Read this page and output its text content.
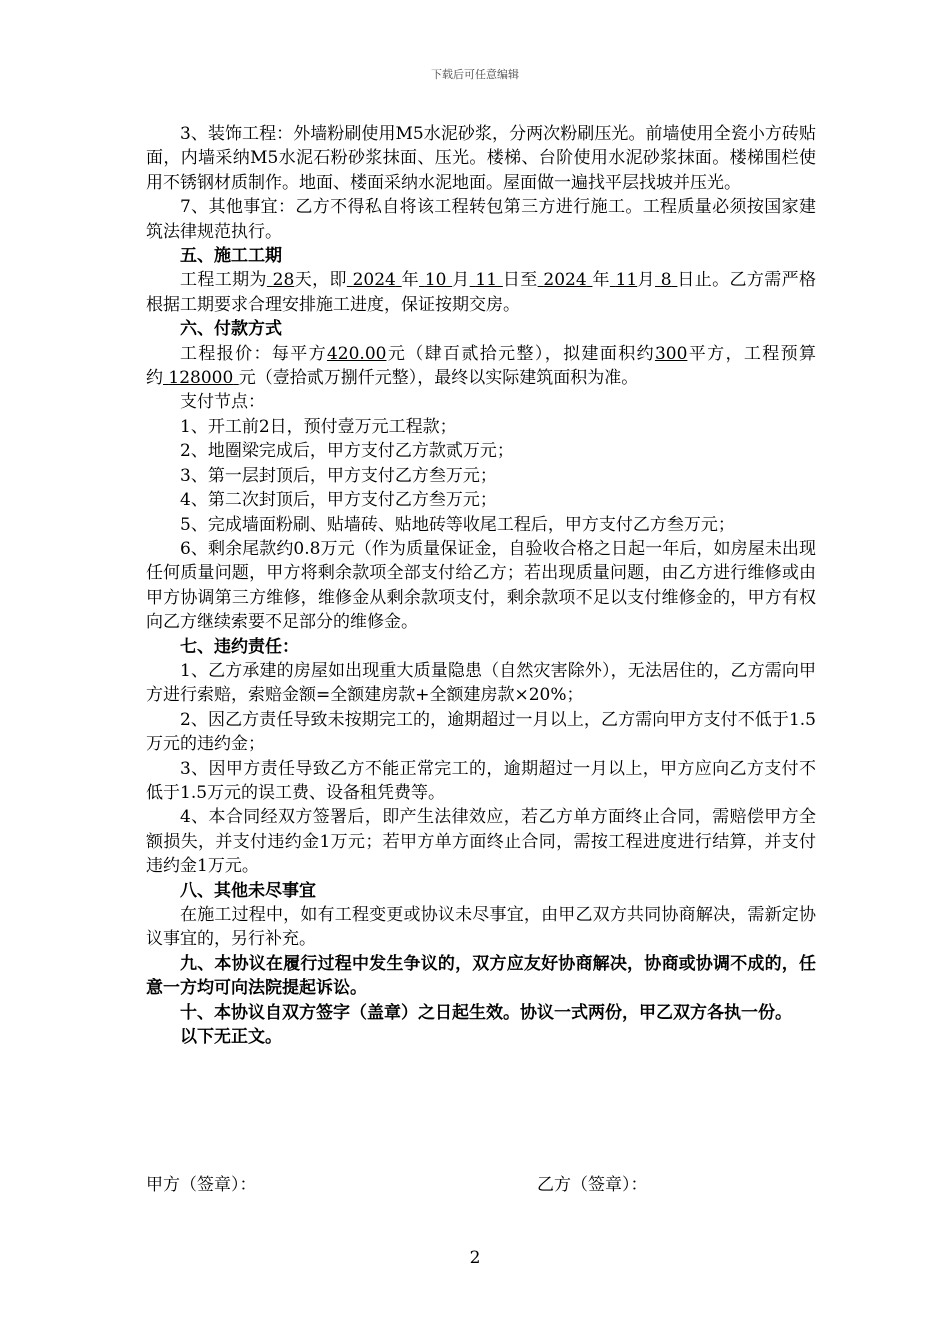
下载后可任意编辑

3、装饰工程：外墙粉刷使用M5水泥砂浆，分两次粉刷压光。前墙使用全瓷小方砖贴面，内墙采纳M5水泥石粉砂浆抹面、压光。楼梯、台阶使用水泥砂浆抹面。楼梯围栏使用不锈钢材质制作。地面、楼面采纳水泥地面。屋面做一遍找平层找坡并压光。

7、其他事宜：乙方不得私自将该工程转包第三方进行施工。工程质量必须按国家建筑法律规范执行。

五、施工工期

工程工期为 28天，即 2024 年 10 月 11 日至 2024 年 11月 8 日止。乙方需严格根据工期要求合理安排施工进度，保证按期交房。

六、付款方式

工程报价：每平方420.00元（肆百贰拾元整），拟建面积约300平方，工程预算约 128000 元（壹拾贰万捌仟元整），最终以实际建筑面积为准。

支付节点：

1、开工前2日，预付壹万元工程款；

2、地圈梁完成后，甲方支付乙方款贰万元；

3、第一层封顶后，甲方支付乙方叁万元；

4、第二次封顶后，甲方支付乙方叁万元；

5、完成墙面粉刷、贴墙砖、贴地砖等收尾工程后，甲方支付乙方叁万元；

6、剩余尾款约0.8万元（作为质量保证金，自验收合格之日起一年后，如房屋未出现任何质量问题，甲方将剩余款项全部支付给乙方；若出现质量问题，由乙方进行维修或由甲方协调第三方维修，维修金从剩余款项支付，剩余款项不足以支付维修金的，甲方有权向乙方继续索要不足部分的维修金。

七、违约责任：

1、乙方承建的房屋如出现重大质量隐患（自然灾害除外），无法居住的，乙方需向甲方进行索赔，索赔金额=全额建房款+全额建房款×20%；

2、因乙方责任导致未按期完工的，逾期超过一月以上，乙方需向甲方支付不低于1.5万元的违约金；

3、因甲方责任导致乙方不能正常完工的，逾期超过一月以上，甲方应向乙方支付不低于1.5万元的误工费、设备租凭费等。

4、本合同经双方签署后，即产生法律效应，若乙方单方面终止合同，需赔偿甲方全额损失，并支付违约金1万元；若甲方单方面终止合同，需按工程进度进行结算，并支付违约金1万元。

八、其他未尽事宜

在施工过程中，如有工程变更或协议未尽事宜，由甲乙双方共同协商解决，需新定协议事宜的，另行补充。

九、本协议在履行过程中发生争议的，双方应友好协商解决，协商或协调不成的，任意一方均可向法院提起诉讼。

十、本协议自双方签字（盖章）之日起生效。协议一式两份，甲乙双方各执一份。

以下无正文。

甲方（签章）：	乙方（签章）：
2
